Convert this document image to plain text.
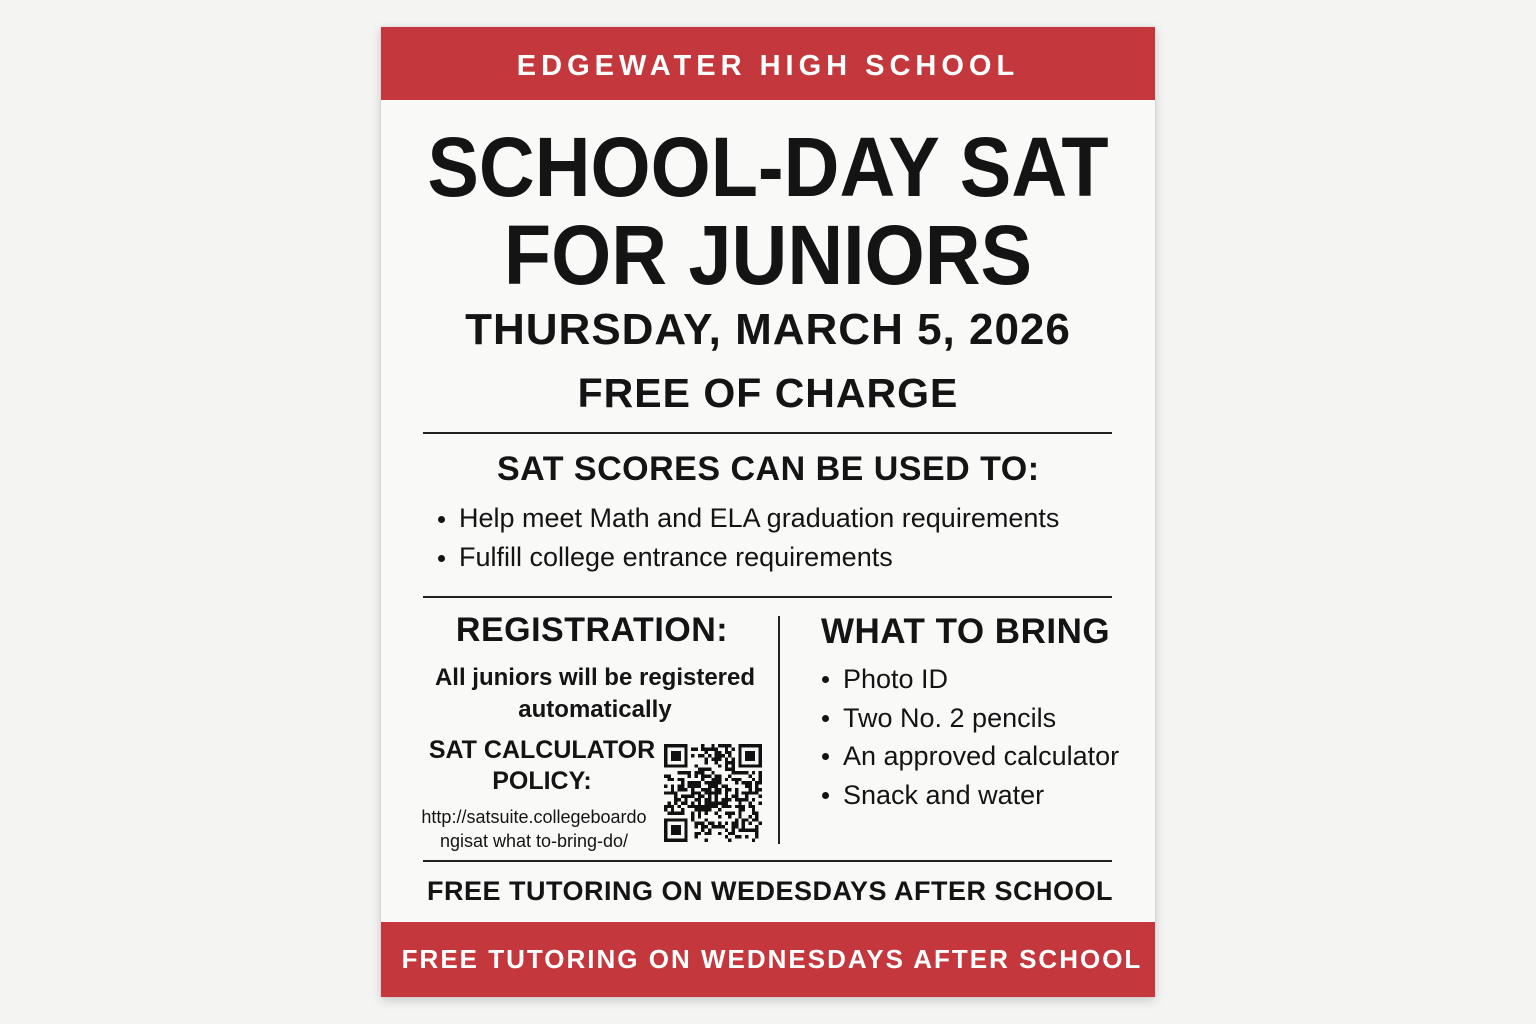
EDGEWATER HIGH SCHOOL
SCHOOL-DAY SAT
FOR JUNIORS
THURSDAY, MARCH 5, 2026
FREE OF CHARGE
SAT SCORES CAN BE USED TO:
Help meet Math and ELA graduation requirements
Fulfill college entrance requirements
REGISTRATION:
All juniors will be registered automatically
SAT CALCULATOR POLICY:
http://satsuite.collegeboardongisat what to-bring-do/
WHAT TO BRING
Photo ID
Two No. 2 pencils
An approved calculator
Snack and water
FREE TUTORING ON WEDESDAYS AFTER SCHOOL
FREE TUTORING ON WEDNESDAYS AFTER SCHOOL
